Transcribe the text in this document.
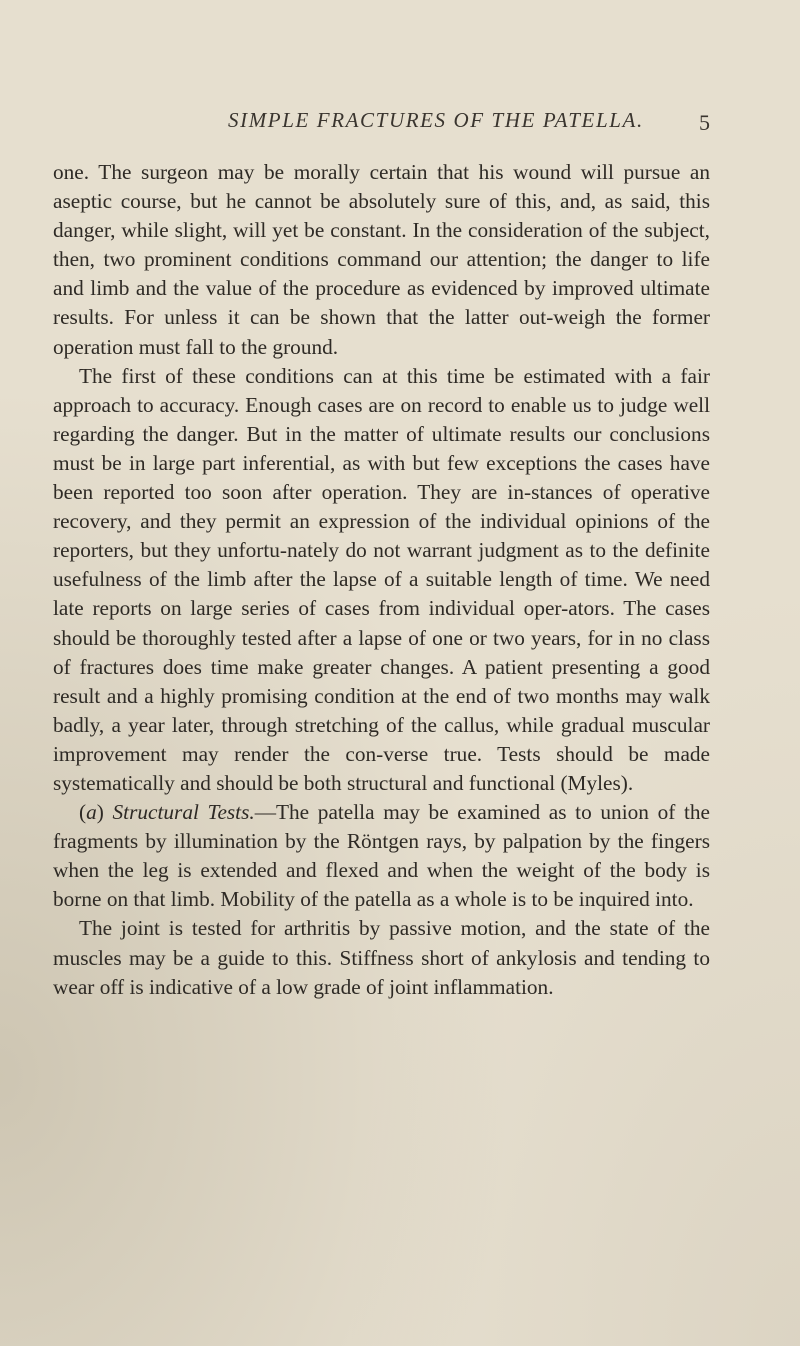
SIMPLE FRACTURES OF THE PATELLA.	5

one. The surgeon may be morally certain that his wound will pursue an aseptic course, but he cannot be absolutely sure of this, and, as said, this danger, while slight, will yet be constant. In the consideration of the subject, then, two prominent conditions command our attention; the danger to life and limb and the value of the procedure as evidenced by improved ultimate results. For unless it can be shown that the latter out-weigh the former operation must fall to the ground.

The first of these conditions can at this time be estimated with a fair approach to accuracy. Enough cases are on record to enable us to judge well regarding the danger. But in the matter of ultimate results our conclusions must be in large part inferential, as with but few exceptions the cases have been reported too soon after operation. They are in-stances of operative recovery, and they permit an expression of the individual opinions of the reporters, but they unfortu-nately do not warrant judgment as to the definite usefulness of the limb after the lapse of a suitable length of time. We need late reports on large series of cases from individual oper-ators. The cases should be thoroughly tested after a lapse of one or two years, for in no class of fractures does time make greater changes. A patient presenting a good result and a highly promising condition at the end of two months may walk badly, a year later, through stretching of the callus, while gradual muscular improvement may render the con-verse true. Tests should be made systematically and should be both structural and functional (Myles).

(a) Structural Tests.—The patella may be examined as to union of the fragments by illumination by the Röntgen rays, by palpation by the fingers when the leg is extended and flexed and when the weight of the body is borne on that limb. Mobility of the patella as a whole is to be inquired into.

The joint is tested for arthritis by passive motion, and the state of the muscles may be a guide to this. Stiffness short of ankylosis and tending to wear off is indicative of a low grade of joint inflammation.
